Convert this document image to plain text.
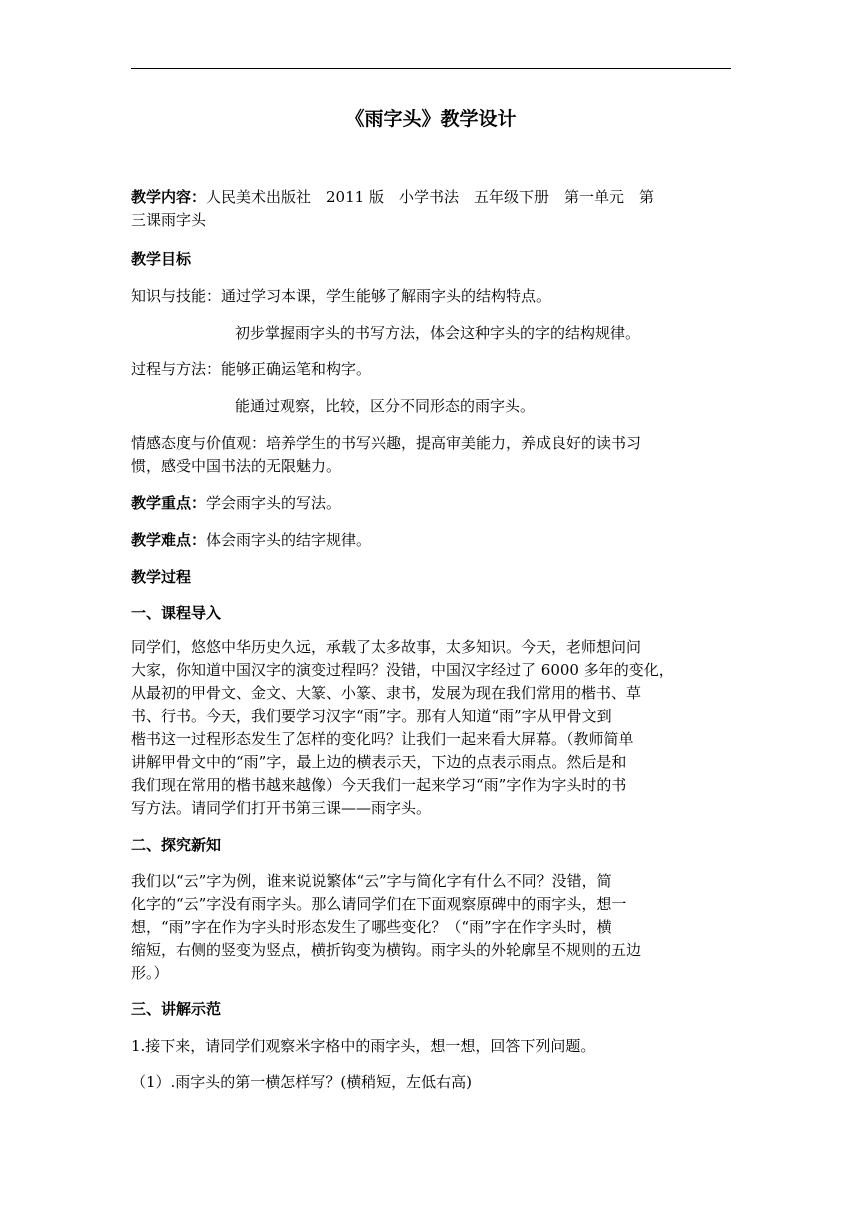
《雨字头》教学设计
教学内容：人民美术出版社　2011 版　小学书法　五年级下册　第一单元　第
三课雨字头
教学目标
知识与技能：通过学习本课，学生能够了解雨字头的结构特点。
初步掌握雨字头的书写方法，体会这种字头的字的结构规律。
过程与方法：能够正确运笔和构字。
能通过观察，比较，区分不同形态的雨字头。
情感态度与价值观：培养学生的书写兴趣，提高审美能力，养成良好的读书习
惯，感受中国书法的无限魅力。
教学重点：学会雨字头的写法。
教学难点：体会雨字头的结字规律。
教学过程
一、课程导入
同学们，悠悠中华历史久远，承载了太多故事，太多知识。今天，老师想问问
大家，你知道中国汉字的演变过程吗？没错，中国汉字经过了 6000 多年的变化，
从最初的甲骨文、金文、大篆、小篆、隶书，发展为现在我们常用的楷书、草
书、行书。今天，我们要学习汉字“雨”字。那有人知道“雨”字从甲骨文到
楷书这一过程形态发生了怎样的变化吗？让我们一起来看大屏幕。（教师简单
讲解甲骨文中的“雨”字，最上边的横表示天，下边的点表示雨点。然后是和
我们现在常用的楷书越来越像）今天我们一起来学习“雨”字作为字头时的书
写方法。请同学们打开书第三课——雨字头。
二、探究新知
我们以“云”字为例，谁来说说繁体“云”字与简化字有什么不同？没错，简
化字的“云”字没有雨字头。那么请同学们在下面观察原碑中的雨字头，想一
想，“雨”字在作为字头时形态发生了哪些变化？（“雨”字在作字头时，横
缩短，右侧的竖变为竖点，横折钩变为横钩。雨字头的外轮廓呈不规则的五边
形。）
三、讲解示范
1.接下来，请同学们观察米字格中的雨字头，想一想，回答下列问题。
（1）.雨字头的第一横怎样写？(横稍短，左低右高)
